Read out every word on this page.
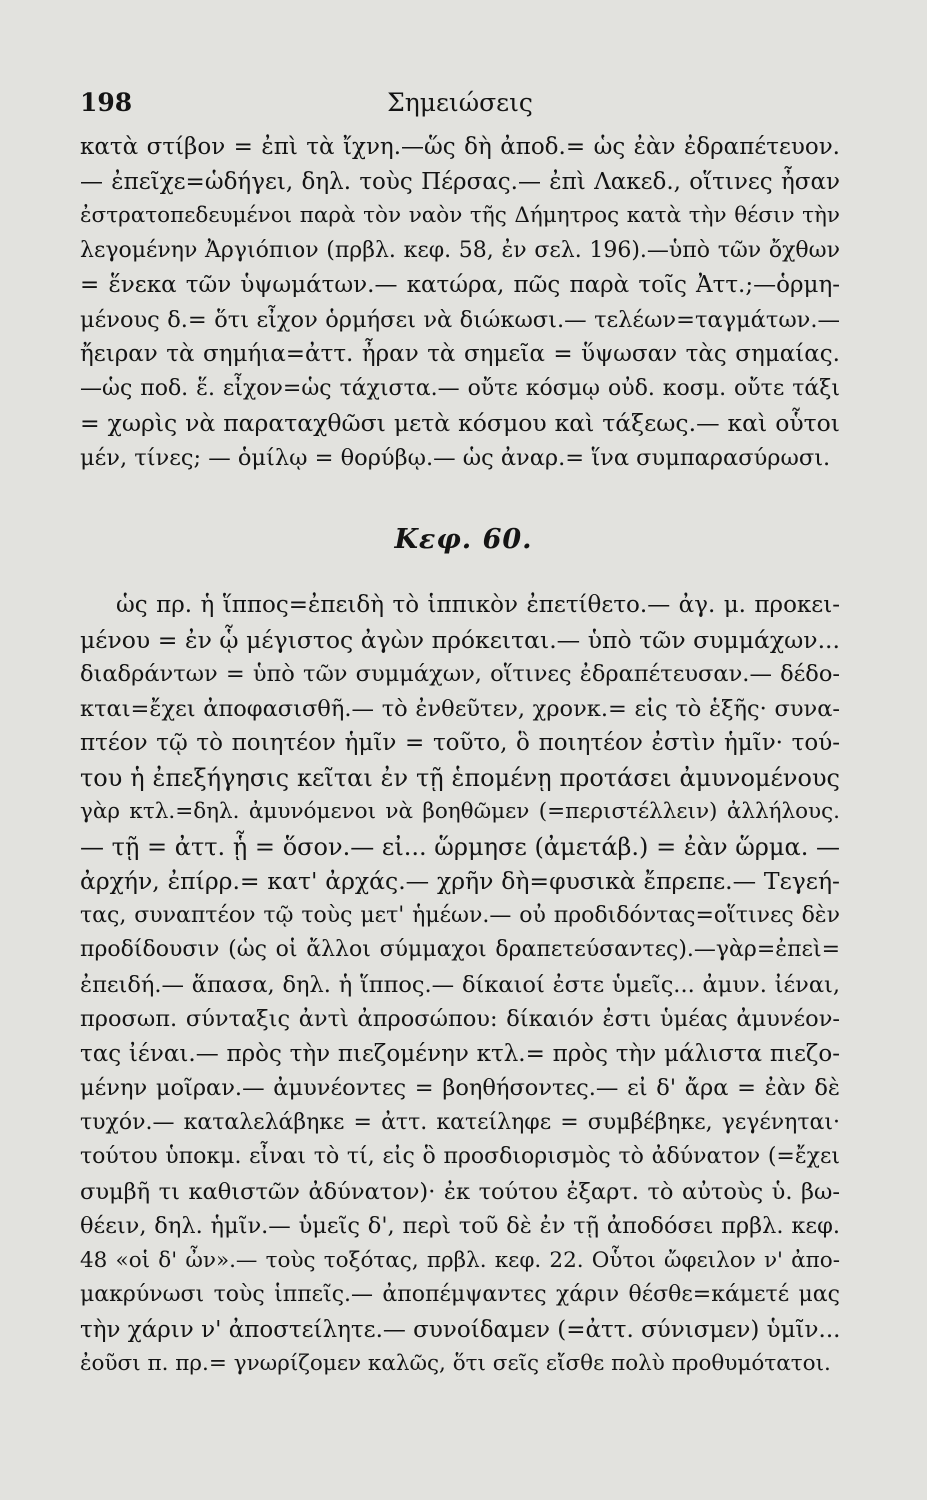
198	Σημειώσεις
κατὰ στίβον = ἐπὶ τὰ ἴχνη.—ὥς δὴ ἀποδ.= ὡς ἐὰν ἐδραπέτευον.
— ἐπεῖχε=ὡδήγει, δηλ. τοὺς Πέρσας.— ἐπὶ Λακεδ., οἵτινες ἦσαν
ἐστρατοπεδευμένοι παρὰ τὸν ναὸν τῆς Δήμητρος κατὰ τὴν θέσιν τὴν
λεγομένην Ἀργιόπιον (πρβλ. κεφ. 58, ἐν σελ. 196).—ὑπὸ τῶν ὄχθων
= ἕνεκα τῶν ὑψωμάτων.— κατώρα, πῶς παρὰ τοῖς Ἀττ.;—ὁρμη-
μένους δ.= ὅτι εἶχον ὁρμήσει νὰ διώκωσι.— τελέων=ταγμάτων.—
ἤειραν τὰ σημήια=ἀττ. ἦραν τὰ σημεῖα = ὕψωσαν τὰς σημαίας.
—ὡς ποδ. ἕ. εἶχον=ὡς τάχιστα.— οὔτε κόσμῳ οὐδ. κοσμ. οὔτε τάξι
= χωρὶς νὰ παραταχθῶσι μετὰ κόσμου καὶ τάξεως.— καὶ οὗτοι
μέν, τίνες; — ὁμίλῳ = θορύβῳ.— ὡς ἀναρ.= ἵνα συμπαρασύρωσι.
Κεφ. 60.
ὡς πρ. ἡ ἵππος=ἐπειδὴ τὸ ἱππικὸν ἐπετίθετο.— ἀγ. μ. προκει-
μένου = ἐν ᾧ μέγιστος ἀγὼν πρόκειται.— ὑπὸ τῶν συμμάχων...
διαδράντων = ὑπὸ τῶν συμμάχων, οἵτινες ἐδραπέτευσαν.— δέδο-
κται=ἔχει ἀποφασισθῆ.— τὸ ἐνθεῦτεν, χρονκ.= εἰς τὸ ἑξῆς· συνα-
πτέον τῷ τὸ ποιητέον ἡμῖν = τοῦτο, ὃ ποιητέον ἐστὶν ἡμῖν· τού-
του ἡ ἐπεξήγησις κεῖται ἐν τῇ ἑπομένῃ προτάσει ἀμυνομένους
γὰρ κτλ.=δηλ. ἀμυνόμενοι νὰ βοηθῶμεν (=περιστέλλειν) ἀλλήλους.
— τῇ = ἀττ. ᾗ = ὅσον.— εἰ... ὥρμησε (ἀμετάβ.) = ἐὰν ὥρμα. —
ἀρχήν, ἐπίρρ.= κατ' ἀρχάς.— χρῆν δὴ=φυσικὰ ἔπρεπε.— Τεγεή-
τας, συναπτέον τῷ τοὺς μετ' ἡμέων.— οὐ προδιδόντας=οἵτινες δὲν
προδίδουσιν (ὡς οἱ ἄλλοι σύμμαχοι δραπετεύσαντες).—γὰρ=ἐπεὶ=
ἐπειδή.— ἅπασα, δηλ. ἡ ἵππος.— δίκαιοί ἐστε ὑμεῖς... ἀμυν. ἰέναι,
προσωπ. σύνταξις ἀντὶ ἀπροσώπου: δίκαιόν ἐστι ὑμέας ἀμυνέον-
τας ἰέναι.— πρὸς τὴν πιεζομένην κτλ.= πρὸς τὴν μάλιστα πιεζο-
μένην μοῖραν.— ἀμυνέοντες = βοηθήσοντες.— εἰ δ' ἄρα = ἐὰν δὲ
τυχόν.— καταλελάβηκε = ἀττ. κατείληφε = συμβέβηκε, γεγένηται·
τούτου ὑποκμ. εἶναι τὸ τί, εἰς ὃ προσδιορισμὸς τὸ ἀδύνατον (=ἔχει
συμβῆ τι καθιστῶν ἀδύνατον)· ἐκ τούτου ἐξαρτ. τὸ αὐτοὺς ὑ. βω-
θέειν, δηλ. ἡμῖν.— ὑμεῖς δ', περὶ τοῦ δὲ ἐν τῇ ἀποδόσει πρβλ. κεφ.
48 «οἱ δ' ὦν».— τοὺς τοξότας, πρβλ. κεφ. 22. Οὗτοι ὤφειλον ν' ἀπο-
μακρύνωσι τοὺς ἱππεῖς.— ἀποπέμψαντες χάριν θέσθε=κάμετέ μας
τὴν χάριν ν' ἀποστείλητε.— συνοίδαμεν (=ἀττ. σύνισμεν) ὑμῖν...
ἐοῦσι π. πρ.= γνωρίζομεν καλῶς, ὅτι σεῖς εἴσθε πολὺ προθυμότατοι.
